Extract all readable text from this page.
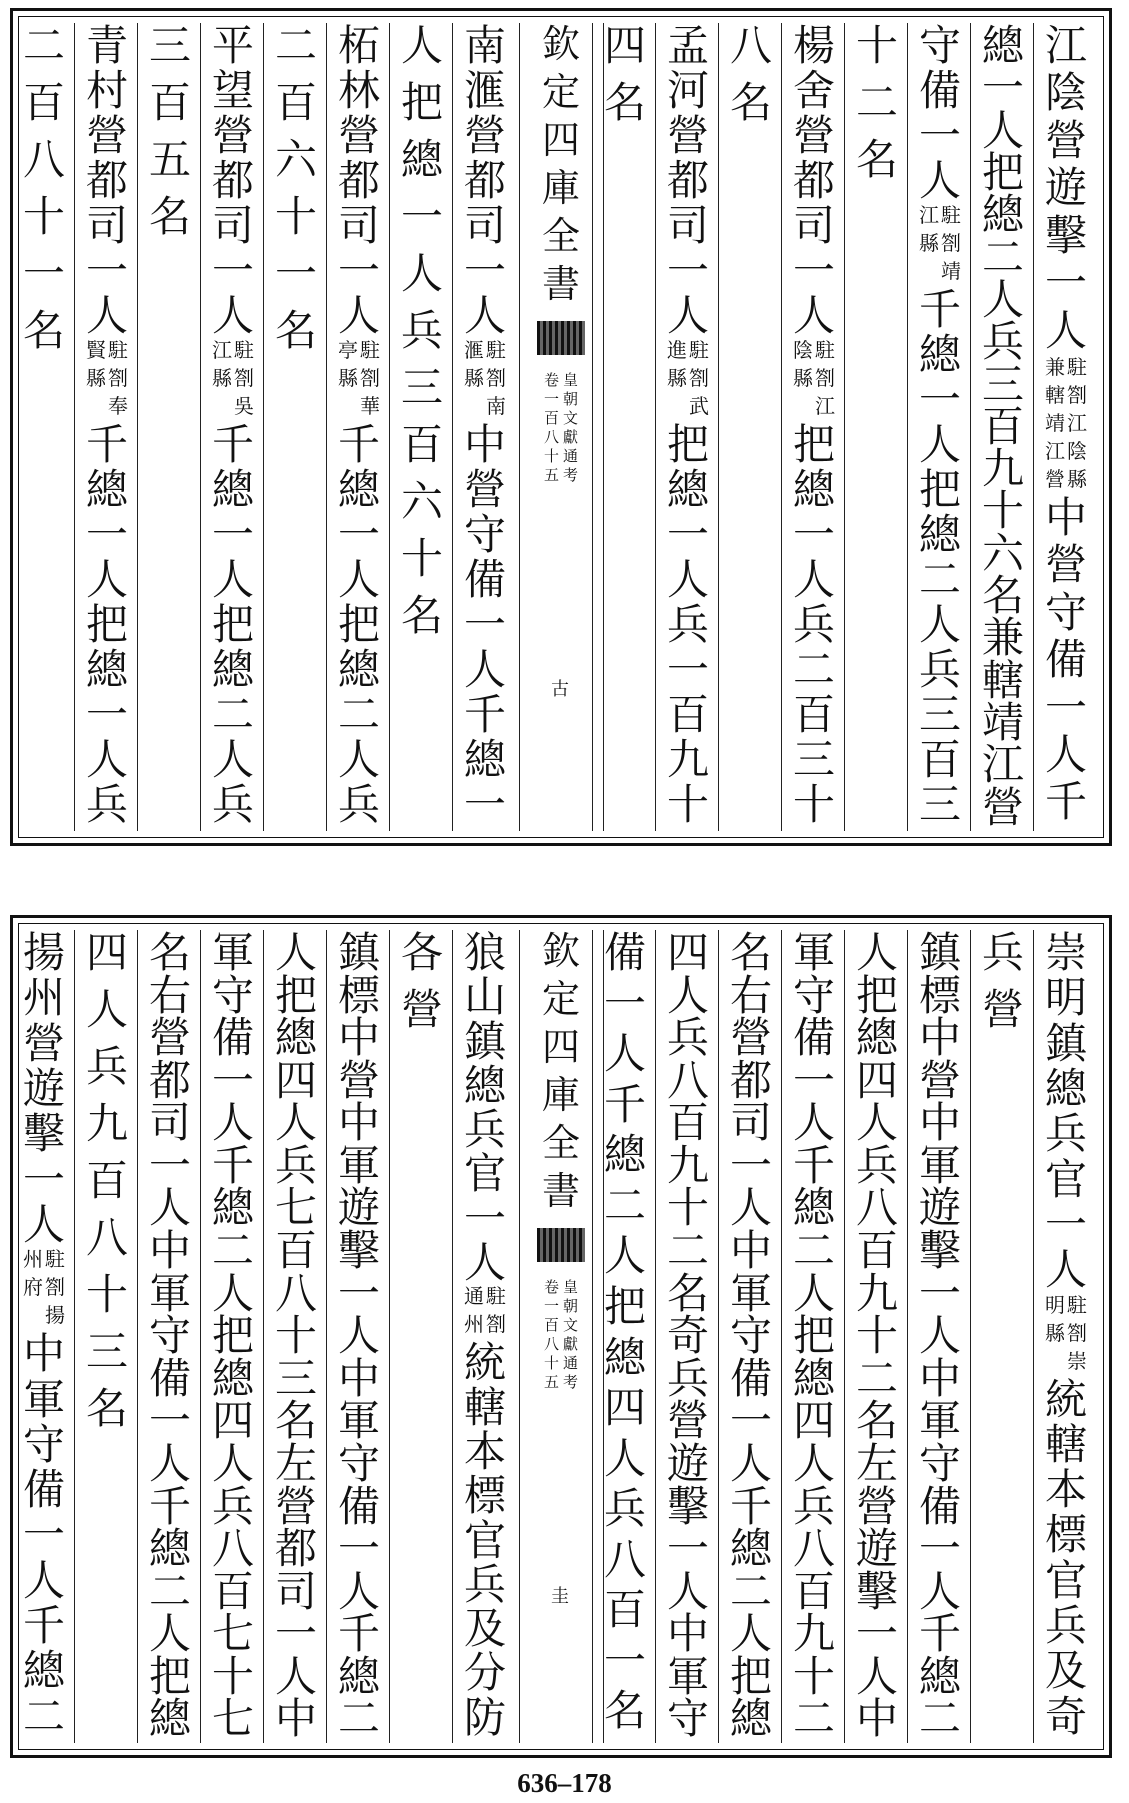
江
陰
營
遊
擊
一
人
駐
劄
江
陰
縣
兼
轄
靖
江
營
中
營
守
備
一
人
千
總
一
人
把
總
二
人
兵
三
百
九
十
六
名
兼
轄
靖
江
營
守
備
一
人
駐
劄
靖
江
縣
千
總
一
人
把
總
二
人
兵
三
百
三
十
二
名
楊
舍
營
都
司
一
人
駐
劄
江
陰
縣
把
總
一
人
兵
二
百
三
十
八
名
孟
河
營
都
司
一
人
駐
劄
武
進
縣
把
總
一
人
兵
一
百
九
十
四
名
欽
定
四
庫
全
書
皇
朝
文
獻
通
考
卷
一
百
八
十
五
古
南
滙
營
都
司
一
人
駐
劄
南
滙
縣
中
營
守
備
一
人
千
總
一
人
把
總
一
人
兵
三
百
六
十
名
柘
林
營
都
司
一
人
駐
劄
華
亭
縣
千
總
一
人
把
總
二
人
兵
二
百
六
十
一
名
平
望
營
都
司
一
人
駐
劄
吳
江
縣
千
總
一
人
把
總
二
人
兵
三
百
五
名
青
村
營
都
司
一
人
駐
劄
奉
賢
縣
千
總
一
人
把
總
一
人
兵
二
百
八
十
一
名
崇
明
鎮
總
兵
官
一
人
駐
劄
崇
明
縣
統
轄
本
標
官
兵
及
奇
兵
營
鎮
標
中
營
中
軍
遊
擊
一
人
中
軍
守
備
一
人
千
總
二
人
把
總
四
人
兵
八
百
九
十
二
名
左
營
遊
擊
一
人
中
軍
守
備
一
人
千
總
二
人
把
總
四
人
兵
八
百
九
十
二
名
右
營
都
司
一
人
中
軍
守
備
一
人
千
總
二
人
把
總
四
人
兵
八
百
九
十
二
名
奇
兵
營
遊
擊
一
人
中
軍
守
備
一
人
千
總
二
人
把
總
四
人
兵
八
百
一
名
欽
定
四
庫
全
書
皇
朝
文
獻
通
考
卷
一
百
八
十
五
圭
狼
山
鎮
總
兵
官
一
人
駐
劄
通
州
統
轄
本
標
官
兵
及
分
防
各
營
鎮
標
中
營
中
軍
遊
擊
一
人
中
軍
守
備
一
人
千
總
二
人
把
總
四
人
兵
七
百
八
十
三
名
左
營
都
司
一
人
中
軍
守
備
一
人
千
總
二
人
把
總
四
人
兵
八
百
七
十
七
名
右
營
都
司
一
人
中
軍
守
備
一
人
千
總
二
人
把
總
四
人
兵
九
百
八
十
三
名
揚
州
營
遊
擊
一
人
駐
劄
揚
州
府
中
軍
守
備
一
人
千
總
二
636–178
